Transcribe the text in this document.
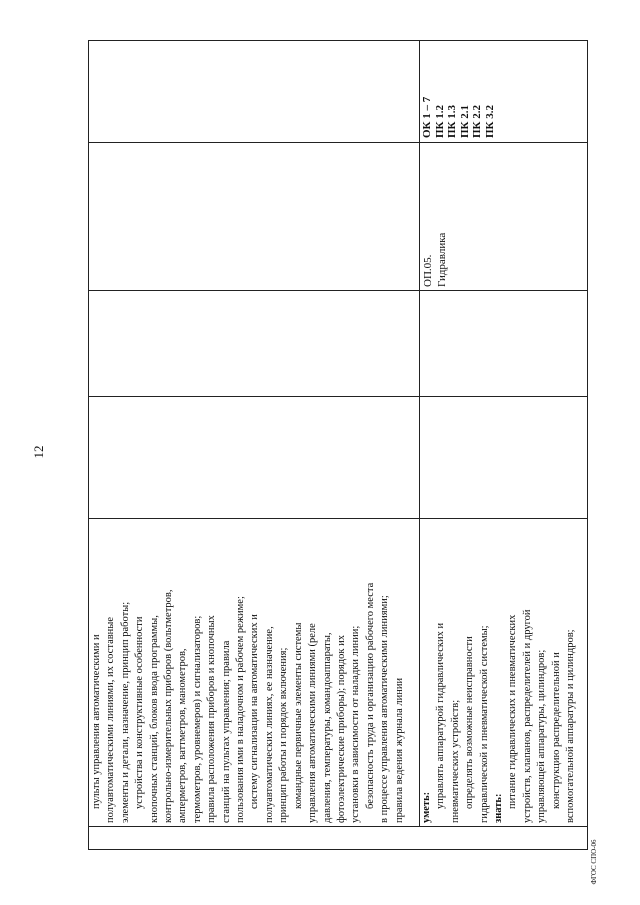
12
ФГОС СПО-06

пульты управления автоматическими и полуавтоматическими линиями, их составные элементы и детали, назначение, принцип работы; устройства и конструктивные особенности кнопочных станций, блоков ввода программы, контрольно-измерительных приборов (вольтметров, амперметров, ваттметров, манометров, термометров, уровнемеров) и сигнализаторов; правила расположения приборов и кнопочных станций на пультах управления; правила пользования ими в наладочном и рабочем режиме; систему сигнализации на автоматических и полуавтоматических линиях, ее назначение, принцип работы и порядок включения; командные первичные элементы системы управления автоматическими линиями (реле давления, температуры, командоаппараты, фотоэлектрические приборы); порядок их установки в зависимости от наладки линии; безопасность труда и организацию рабочего места в процессе управления автоматическими линиями; правила ведения журнала линии уметь: управлять аппаратурой гидравлических и пневматических устройств; определять возможные неисправности гидравлической и пневматической системы; знать: питание гидравлических и пневматических устройств, клапанов, распределителей и другой управляющей аппаратуры, цилиндров; конструкцию распределительной и вспомогательной аппаратуры и цилиндров;

ОП.05. Гидравлика
ОК 1 – 7 ПК 1.2 ПК 1.3 ПК 2.1 ПК 2.2 ПК 3.2
